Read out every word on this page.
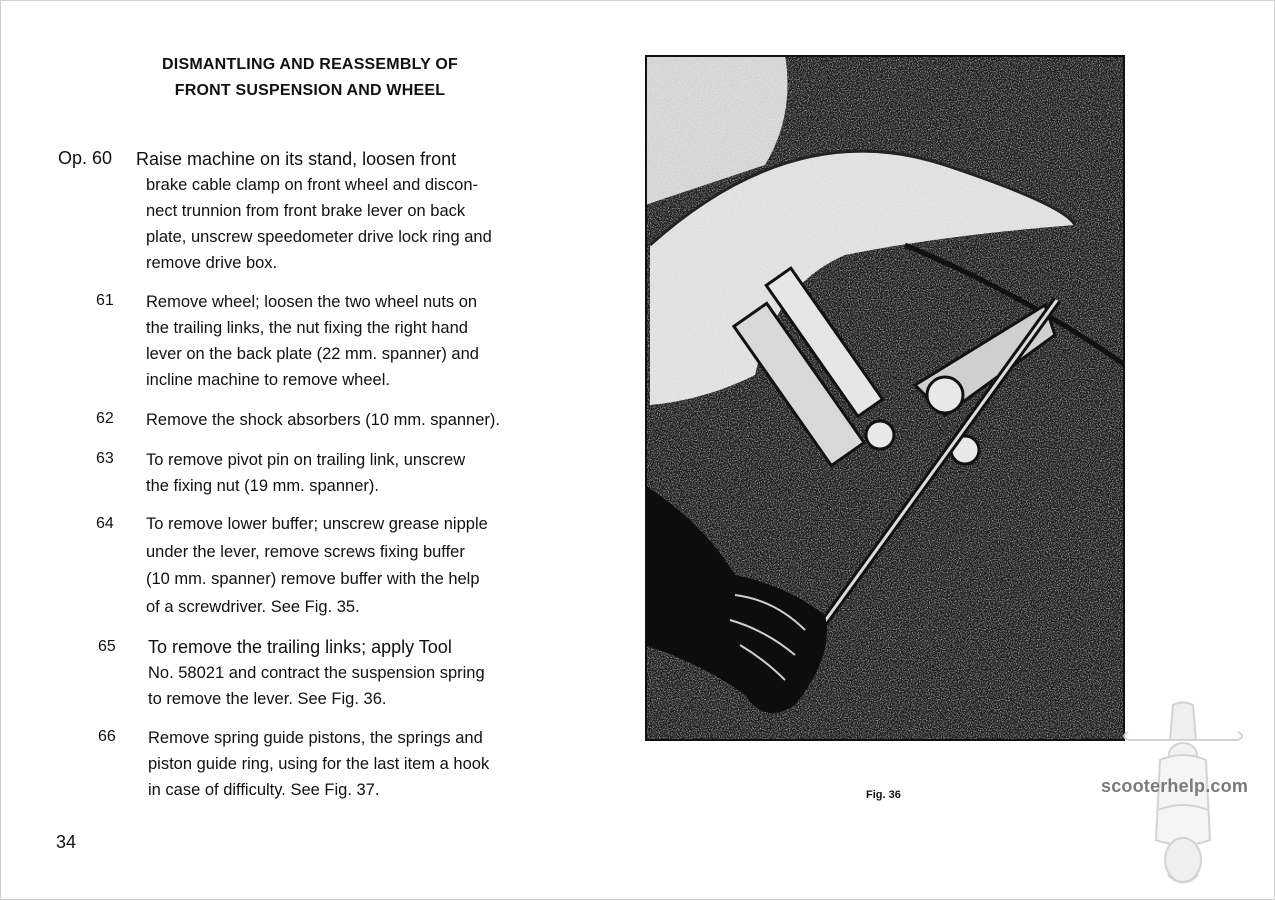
DISMANTLING AND REASSEMBLY OF
FRONT SUSPENSION AND WHEEL
Op. 60 Raise machine on its stand, loosen front
brake cable clamp on front wheel and discon-
nect trunnion from front brake lever on back
plate, unscrew speedometer drive lock ring and
remove drive box.
61 Remove wheel; loosen the two wheel nuts on
the trailing links, the nut fixing the right hand
lever on the back plate (22 mm. spanner) and
incline machine to remove wheel.
62 Remove the shock absorbers (10 mm. spanner).
63 To remove pivot pin on trailing link, unscrew
the fixing nut (19 mm. spanner).
64 To remove lower buffer; unscrew grease nipple
under the lever, remove screws fixing buffer
(10 mm. spanner) remove buffer with the help
of a screwdriver. See Fig. 35.
65 To remove the trailing links; apply Tool
No. 58021 and contract the suspension spring
to remove the lever. See Fig. 36.
66 Remove spring guide pistons, the springs and
piston guide ring, using for the last item a hook
in case of difficulty. See Fig. 37.
34
Fig. 36	scooterhelp.com
